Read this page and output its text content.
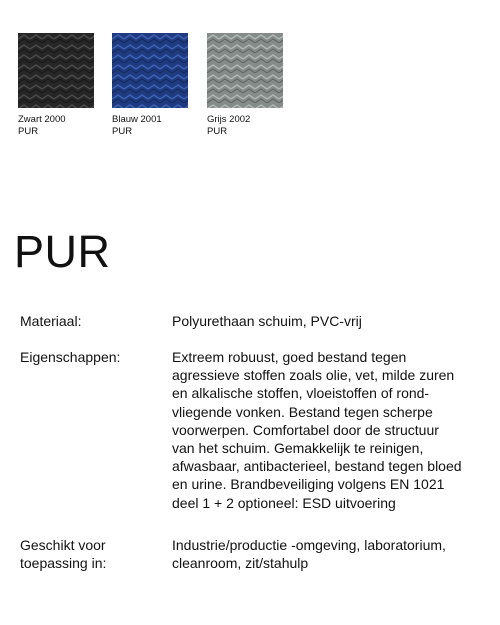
Zwart 2000
PUR
Blauw 2001
PUR
Grijs 2002
PUR
PUR
Materiaal:	Polyurethaan schuim, PVC-vrij
Eigenschappen:	Extreem robuust, goed bestand tegen
agressieve stoffen zoals olie, vet, milde zuren
en alkalische stoffen, vloeistoffen of rond-
vliegende vonken. Bestand tegen scherpe
voorwerpen. Comfortabel door de structuur
van het schuim. Gemakkelijk te reinigen,
afwasbaar, antibacterieel, bestand tegen bloed
en urine. Brandbeveiliging volgens EN 1021
deel 1 + 2 optioneel: ESD uitvoering
Geschikt voor
toepassing in:
Industrie/productie -omgeving, laboratorium,
cleanroom, zit/stahulp
